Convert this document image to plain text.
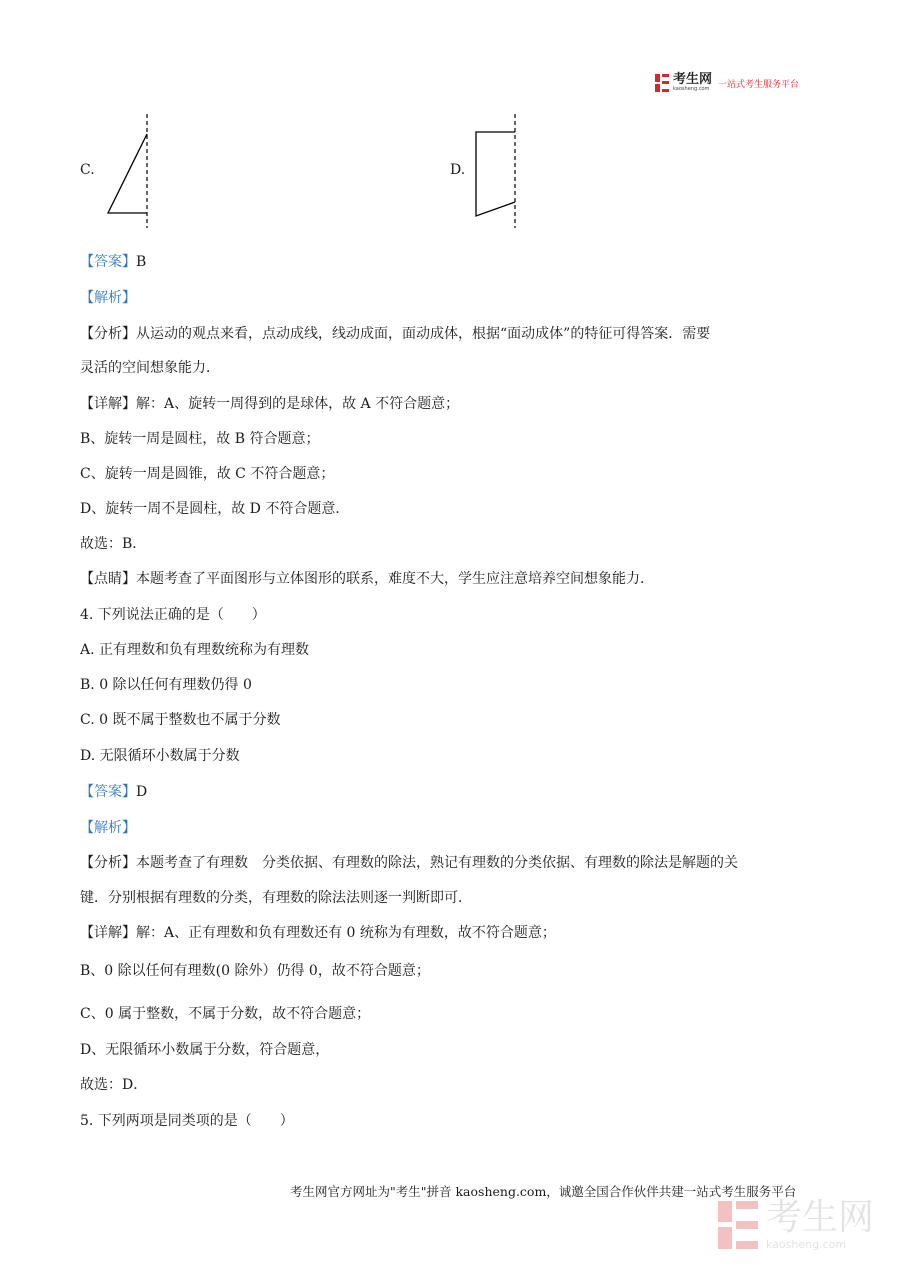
考生网
kaosheng.com 一站式考生服务平台
C.	D.
【答案】B
【解析】
【分析】从运动的观点来看，点动成线，线动成面，面动成体，根据“面动成体”的特征可得答案．需要
灵活的空间想象能力．
【详解】解：A、旋转一周得到的是球体，故 A 不符合题意；
B、旋转一周是圆柱，故 B 符合题意；
C、旋转一周是圆锥，故 C 不符合题意；
D、旋转一周不是圆柱，故 D 不符合题意．
故选：B．
【点睛】本题考查了平面图形与立体图形的联系，难度不大，学生应注意培养空间想象能力．
4. 下列说法正确的是（　　）
A. 正有理数和负有理数统称为有理数
B. 0 除以任何有理数仍得 0
C. 0 既不属于整数也不属于分数
D. 无限循环小数属于分数
【答案】D
【解析】
【分析】本题考查了有理数　分类依据、有理数的除法，熟记有理数的分类依据、有理数的除法是解题的关
键．分别根据有理数的分类，有理数的除法法则逐一判断即可．
【详解】解：A、正有理数和负有理数还有 0 统称为有理数，故不符合题意；
B、0 除以任何有理数(0 除外）仍得 0，故不符合题意；
C、0 属于整数，不属于分数，故不符合题意；
D、无限循环小数属于分数，符合题意，
故选：D．
5. 下列两项是同类项的是（　　）
考生网官方网址为"考生"拼音 kaosheng.com，诚邀全国合作伙伴共建一站式考生服务平台
考生网
kaosheng.com
